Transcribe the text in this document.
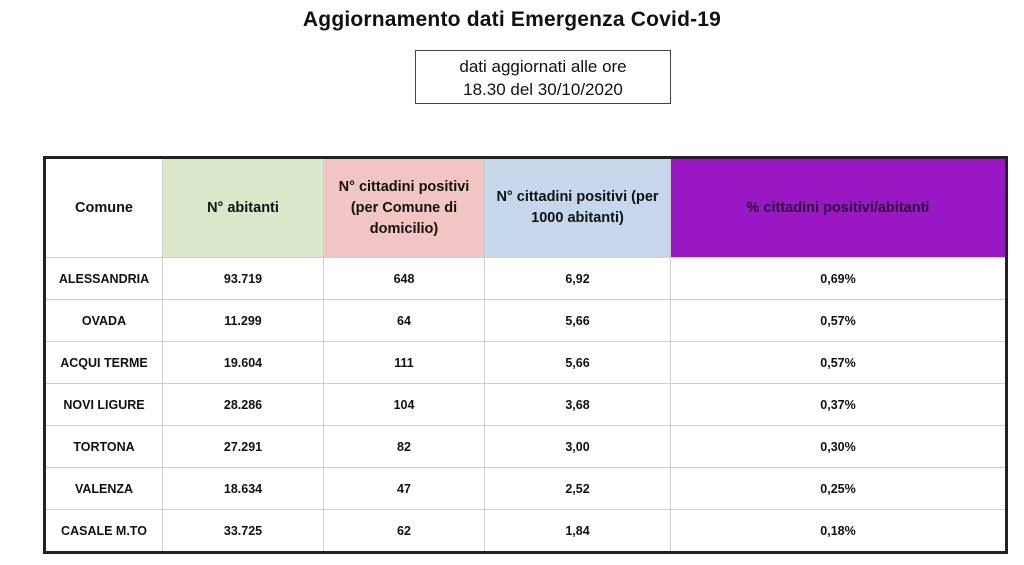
Aggiornamento dati Emergenza Covid-19
dati aggiornati alle ore
18.30 del 30/10/2020
Comune	N° abitanti	N° cittadini positivi (per Comune di domicilio)	N° cittadini positivi (per 1000 abitanti)	% cittadini positivi/abitanti
ALESSANDRIA	93.719	648	6,92	0,69%
OVADA	11.299	64	5,66	0,57%
ACQUI TERME	19.604	111	5,66	0,57%
NOVI LIGURE	28.286	104	3,68	0,37%
TORTONA	27.291	82	3,00	0,30%
VALENZA	18.634	47	2,52	0,25%
CASALE M.TO	33.725	62	1,84	0,18%
